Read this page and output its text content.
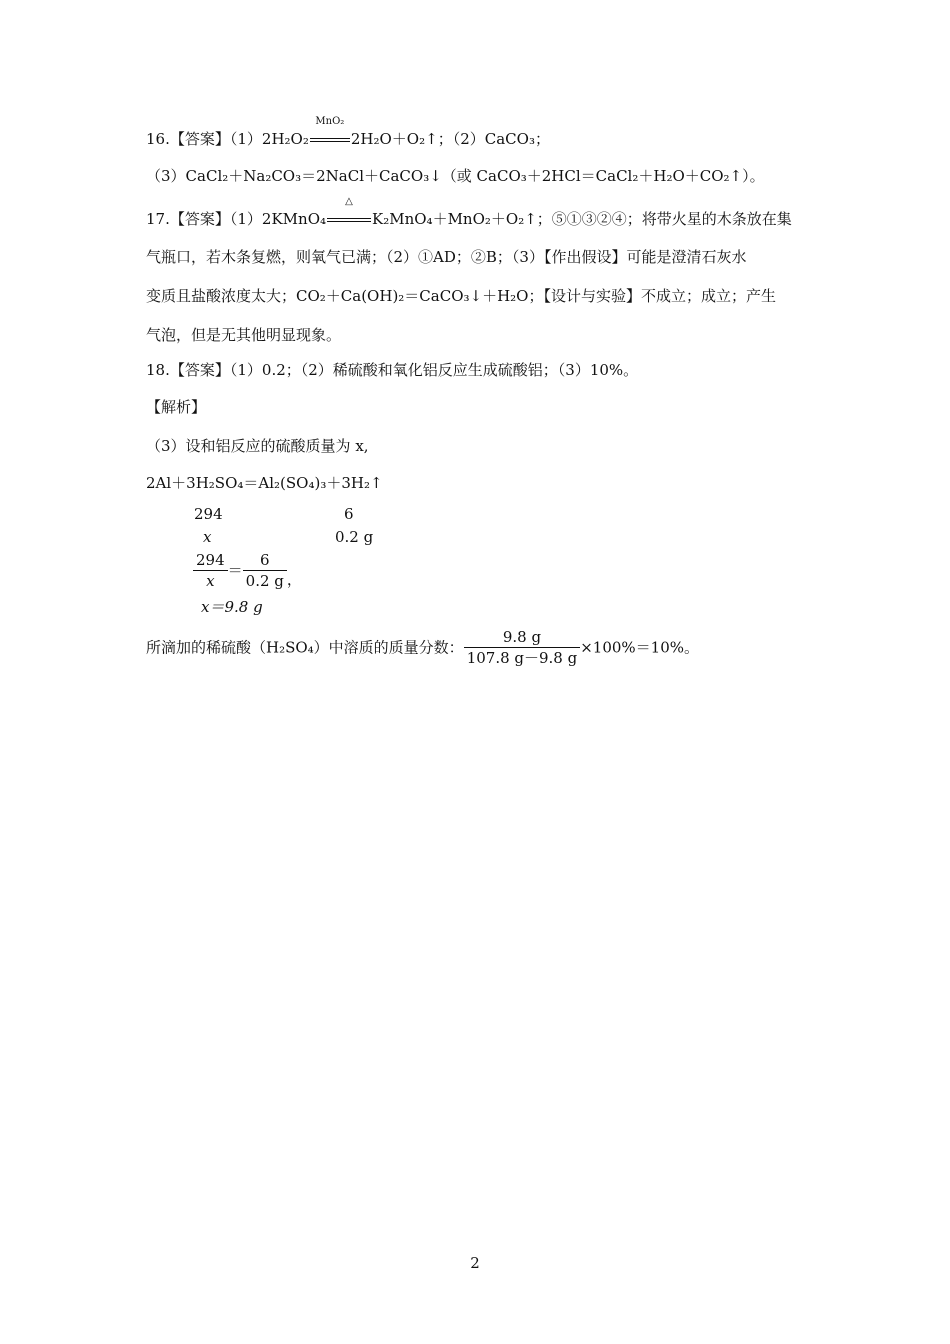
16.【答案】（1）2H₂O₂
MnO₂
2H₂O＋O₂↑；（2）CaCO₃；
（3）CaCl₂＋Na₂CO₃＝2NaCl＋CaCO₃↓（或 CaCO₃＋2HCl＝CaCl₂＋H₂O＋CO₂↑）。
17.【答案】（1）2KMnO₄
△
K₂MnO₄＋MnO₂＋O₂↑；⑤①③②④；将带火星的木条放在集
气瓶口，若木条复燃，则氧气已满；（2）①AD；②B；（3）【作出假设】可能是澄清石灰水
变质且盐酸浓度太大；CO₂＋Ca(OH)₂＝CaCO₃↓＋H₂O；【设计与实验】不成立；成立；产生
气泡，但是无其他明显现象。
18.【答案】（1）0.2；（2）稀硫酸和氧化铝反应生成硫酸铝；（3）10%。
【解析】
（3）设和铝反应的硫酸质量为 x,
2Al＋3H₂SO₄＝Al₂(SO₄)₃＋3H₂↑
294	6
x	0.2 g
$\frac{294}{x} = \frac{6}{0.2 g}$ ，
x＝9.8 g
所滴加的稀硫酸（H₂SO₄）中溶质的质量分数： $\frac{9.8 g}{107.8 g-9.8 g} \times 100\%=10\%$。
2
